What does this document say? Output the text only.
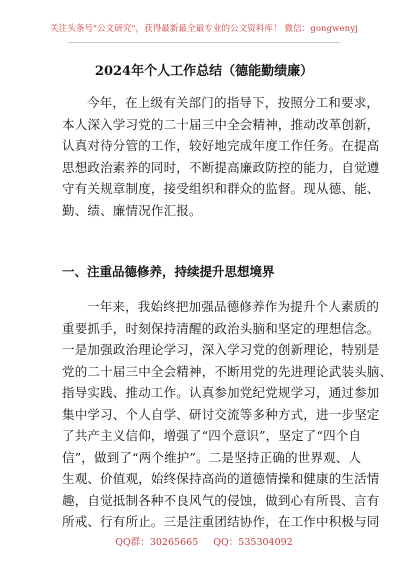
关注头条号"公文研究"，获得最新最全最专业的公文资料库！ 微信：gongwenyj
2024年个人工作总结（德能勤绩廉）
今年，在上级有关部门的指导下，按照分工和要求，
本人深入学习党的二十届三中全会精神，推动改革创新，
认真对待分管的工作，较好地完成年度工作任务。在提高
思想政治素养的同时，不断提高廉政防控的能力，自觉遵
守有关规章制度，接受组织和群众的监督。现从德、能、
勤、绩、廉情况作汇报。
一、注重品德修养，持续提升思想境界
一年来，我始终把加强品德修养作为提升个人素质的
重要抓手，时刻保持清醒的政治头脑和坚定的理想信念。
一是加强政治理论学习，深入学习党的创新理论，特别是
党的二十届三中全会精神，不断用党的先进理论武装头脑、
指导实践、推动工作。认真参加党纪党规学习，通过参加
集中学习、个人自学、研讨交流等多种方式，进一步坚定
了共产主义信仰，增强了“四个意识”，坚定了“四个自
信”，做到了“两个维护”。二是坚持正确的世界观、人
生观、价值观，始终保持高尚的道德情操和健康的生活情
趣，自觉抵制各种不良风气的侵蚀，做到心有所畏、言有
所戒、行有所止。三是注重团结协作，在工作中积极与同
QQ群：30265665 QQ：535304092
